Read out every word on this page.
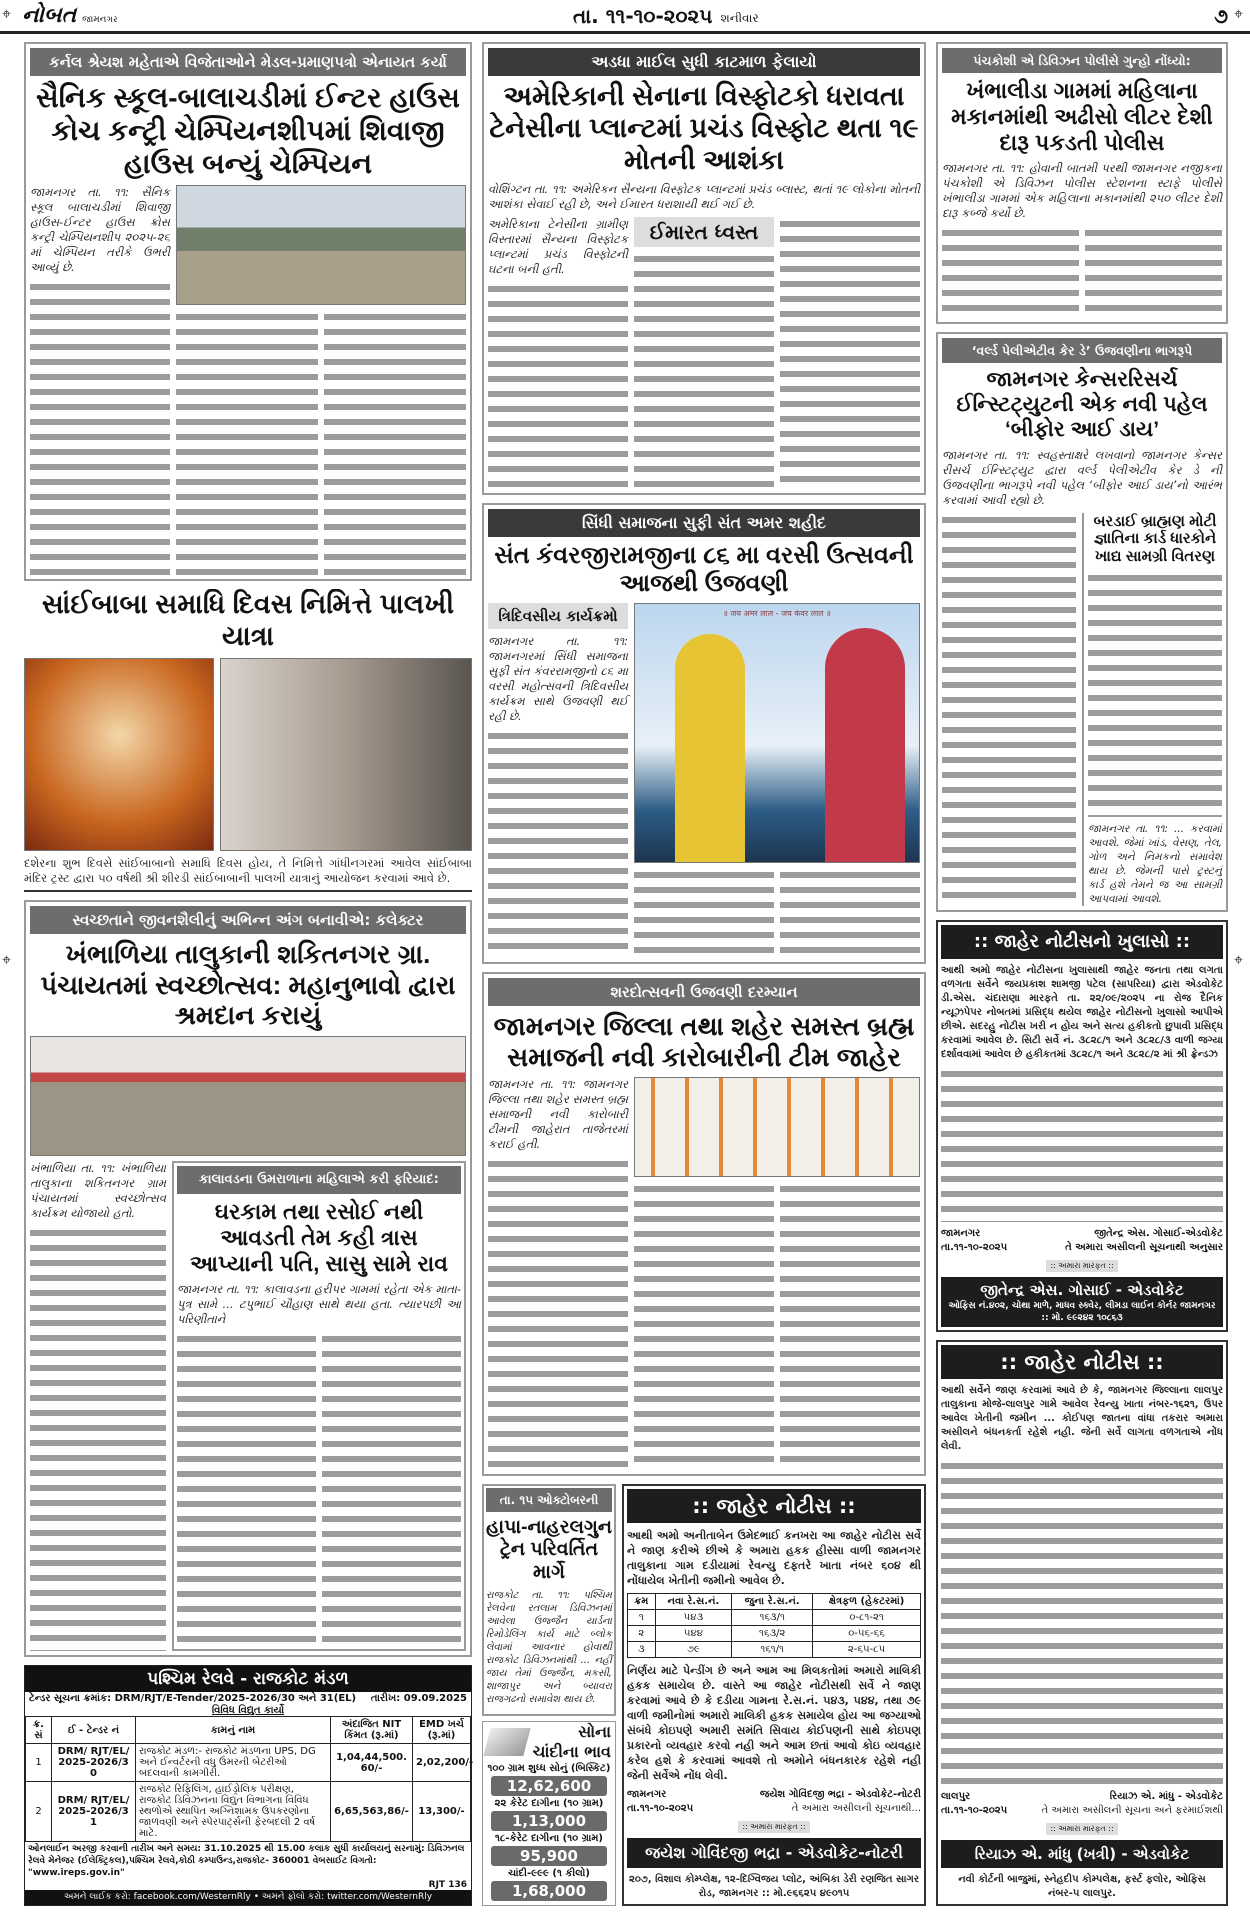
નોબત જામનગર	તા. ૧૧-૧૦-૨૦૨૫ શનીવાર	૭
⌖	⌖
કર્નલ શ્રેયશ મહેતાએ વિજેતાઓને મેડલ-પ્રમાણપત્રો એનાયત કર્યા
સૈનિક સ્કૂલ-બાલાચડીમાં ઈન્ટર હાઉસ કોચ કન્ટ્રી ચેમ્પિયનશીપમાં શિવાજી હાઉસ બન્યું ચેમ્પિયન
જામનગર તા. ૧૧: સૈનિક સ્કૂલ બાલાચડીમાં શિવાજી હાઉસ-ઈન્ટર હાઉસ ક્રોસ કન્ટ્રી ચેમ્પિયનશીપ ૨૦૨૫-૨૬ માં ચેમ્પિયન તરીકે ઉભરી આવ્યું છે.
સાંઈબાબા સમાધિ દિવસ નિમિત્તે પાલખી યાત્રા
દશેરના શુભ દિવસે સાંઈબાબાનો સમાધિ દિવસ હોય, તે નિમિત્તે ગાંધીનગરમાં આવેલ સાંઈબાબા મંદિર ટ્રસ્ટ દ્વારા ૫૦ વર્ષથી શ્રી શીરડી સાંઈબાબાની પાલખી યાત્રાનું આયોજન કરવામાં આવે છે.
સ્વચ્છતાને જીવનશૈલીનું અભિન્ન અંગ બનાવીએ: કલેક્ટર
ખંભાળિયા તાલુકાની શકિતનગર ગ્રા. પંચાયતમાં સ્વચ્છોત્સવ: મહાનુભાવો દ્વારા શ્રમદાન કરાયું
ખંભાળિયા તા. ૧૧: ખંભાળિયા તાલુકાના શકિતનગર ગ્રામ પંચાયતમાં સ્વચ્છોત્સવ કાર્યક્રમ યોજાયો હતો.
કાલાવડના ઉમરાળાના મહિલાએ કરી ફરિયાદ:
ઘરકામ તથા રસોઈ નથી આવડતી તેમ કહી ત્રાસ આપ્યાની પતિ, સાસુ સામે રાવ
જામનગર તા. ૧૧: કાલાવડના હરીપર ગામમાં રહેતા એક માતા-પુત્ર સામે ... ટપુભાઈ ચૌહાણ સાથે થયા હતા. ત્યારપછી આ પરિણીતાને
પશ્ચિમ રેલવે - રાજકોટ મંડળ
ટેન્ડર સૂચના ક્રમાંક: DRM/RJT/E-Tender/2025-2026/30 અને 31(EL) તારીખ: 09.09.2025
વિવિધ વિદ્યુત કાર્યો
ક્ર. સં	ઈ - ટેન્ડર નં	કામનું નામ	અંદાજિત NIT કિંમત (રૂ.માં)	EMD ખર્ચ (રૂ.માં)
1	DRM/ RJT/EL/ 2025-2026/30	રાજકોટ મંડળ:- રાજકોટ મંડળના UPS, DG અને ઈન્વર્ટરની વધુ ઉંમરની બેટરીઓ બદલવાની કામગીરી.	1,04,44,500.60/-	2,02,200/-
2	DRM/ RJT/EL/ 2025-2026/31	રાજકોટ રિફિલિંગ, હાઈડ્રોલિક પરીક્ષણ, રાજકોટ ડિવિઝનના વિદ્યુત વિભાગના વિવિધ સ્થળોએ સ્થાપિત અગ્નિશામક ઉપકરણોના જાળવણી અને સ્પેરપાર્ટ્સની ફેરબદલી 2 વર્ષ માટે.	6,65,563,86/-	13,300/-
ઓનલાઈન અરજી કરવાની તારીખ અને સમય: 31.10.2025 થી 15.00 કલાક સુધી કાર્યાલયનું સરનામું: ડિવિઝનલ રેલવે મેનેજર (ઈલેક્ટ્રિકલ),પશ્ચિમ રેલવે,કોઠી કમ્પાઉન્ડ,રાજકોટ- 360001 વેબસાઈટ વિગતો: "www.ireps.gov.in"
RJT 136
અમને લાઈક કરો: facebook.com/WesternRly • અમને ફોલો કરો: twitter.com/WesternRly
અડધા માઈલ સુધી કાટમાળ ફેલાયો
અમેરિકાની સેનાના વિસ્ફોટકો ધરાવતા ટેનેસીના પ્લાન્ટમાં પ્રચંડ વિસ્ફોટ થતા ૧૯ મોતની આશંકા
વોશિંગ્ટન તા. ૧૧: અમેરિકન સૈન્યના વિસ્ફોટક પ્લાન્ટમાં પ્રચંડ બ્લાસ્ટ, થતાં ૧૯ લોકોના મોતની આશંકા સેવાઈ રહી છે, અને ઈમારત ધરાશાયી થઈ ગઈ છે.
અમેરિકાના ટેનેસીના ગ્રામીણ વિસ્તારમાં સૈન્યના વિસ્ફોટક પ્લાન્ટમાં પ્રચંડ વિસ્ફોટની ઘટના બની હતી.
ઈમારત ધ્વસ્ત
સિંધી સમાજના સુફી સંત અમર શહીદ
સંત કંવરજીરામજીના ૮૬ મા વરસી ઉત્સવની આજથી ઉજવણી
ત્રિદિવસીય કાર્યક્રમો
જામનગર તા. ૧૧: જામનગરમાં સિંધી સમાજના સુફી સંત કંવરરામજીનો ૮૬ મા વરસી મહોત્સવની ત્રિદિવસીય કાર્યક્રમ સાથે ઉજવણી થઈ રહી છે.
॥ जय अमर लाल - जय कंवर लाल ॥
શરદોત્સવની ઉજવણી દરમ્યાન
જામનગર જિલ્લા તથા શહેર સમસ્ત બ્રહ્મ સમાજની નવી કારોબારીની ટીમ જાહેર
જામનગર તા. ૧૧: જામનગર જિલ્લા તથા શહેર સમસ્ત બ્રહ્મ સમાજની નવી કારોબારી ટીમની જાહેરાત તાજેતરમાં કરાઈ હતી.
તા. ૧૫ ઓક્ટોબરની
હાપા-નાહરલગુન ટ્રેન પરિવર્તિત માર્ગે
રાજકોટ તા. ૧૧: પશ્ચિમ રેલવેના રતલામ ડિવિઝનમાં આવેલા ઉજ્જૈન યાર્ડના રિમોડેલિંગ કાર્ય માટે બ્લોક લેવામાં આવનાર હોવાથી રાજકોટ ડિવિઝનમાંથી ... નહીં જાય તેમાં ઉજ્જૈન, મકસી, શાજાપુર અને બ્યાવરા રાજગઢનો સમાવેશ થાય છે.
સોના ચાંદીના ભાવ
૧૦૦ ગ્રામ શુધ્ધ સોનું (બિસ્કિટ)
12,62,600
૨૨ કેરેટ દાગીના (૧૦ ગ્રામ)
1,13,000
૧૮-કેરેટ દાગીના (૧૦ ગ્રામ)
95,900
ચાંદી-૯૯૯ (૧ કીલો)
1,68,000
:: જાહેર નોટીસ ::
આથી અમો અનીતાબેન ઉમેદભાઈ કનખરા આ જાહેર નોટીસ સર્વે ને જાણ કરીએ છીએ કે અમારા હકક હીસ્સા વાળી જામનગર તાલુકાના ગામ દડીયામાં રેવન્યુ દફતરે ખાતા નંબર ૬૦૪ થી નોંધાયેલ ખેતીની જમીનો આવેલ છે.
ક્રમ	નવા રે.સ.નં.	જુના રે.સ.નં.	ક્ષેત્રફળ (હેકટરમાં)
૧	૫૪૩	૧૬૩/૧	૦-૮૧-૨૧
૨	૫૪૪	૧૬૩/૨	૦-૫૬-૬૬
૩	૭૯	૧૬૧/૧	૨-૬૫-૮૫
નિર્ણય માટે પેન્ડીંગ છે અને આમ આ મિલકતોમાં અમારો માલિકી હકક સમાયેલ છે. વાસ્તે આ જાહેર નોટીસથી સર્વે ને જાણ કરવામાં આવે છે કે દડીયા ગામના રે.સ.નં. ૫૪૩, ૫૪૪, તથા ૭૯ વાળી જમીનોમાં અમારો માલિકી હકક સમાયેલ હોય આ જગ્યાઓ સંબંધે કોઇપણે અમારી સમંતિ સિવાય કોઈપણની સાથે કોઇપણ પ્રકારનો વ્યવહાર કરવો નહી અને આમ છતાં આવો કોઇ વ્યવહાર કરેલ હશે કે કરવામાં આવશે તો અમોને બંધનકારક રહેશે નહી જેની સર્વેએ નોંધ લેવી.
જામનગર
તા.૧૧-૧૦-૨૦૨૫
જયેશ ગોવિંદજી ભદ્રા - એડવોકેટ-નોટરી
તે અમારા અસીલની સૂચનાથી...
:: અમારા મારફત ::
જયેશ ગોવિંદજી ભદ્રા - એડવોકેટ-નોટરી
૨૦૭, વિશાલ કોમ્પ્લેક્ષ, ૧૨-દિગ્વિજય પ્લોટ, અંબિકા ડેરી રણજિત સાગર રોડ, જામનગર :: મો.૯૬૬૨૫ ૪૯૦૧૫
પંચકોશી એ ડિવિઝન પોલીસે ગુન્હો નોંધ્યો:
ખંભાલીડા ગામમાં મહિલાના મકાનમાંથી અઢીસો લીટર દેશી દારૂ પકડતી પોલીસ
જામનગર તા. ૧૧: હોવાની બાતમી પરથી જામનગર નજીકના પંચકોશી એ ડિવિઝન પોલીસ સ્ટેશનના સ્ટાફે પોલીસે ખંભાલીડા ગામમાં એક મહિલાના મકાનમાંથી ૨૫૦ લીટર દેશી દારૂ કબ્જે કર્યો છે.
‘વર્લ્ડ પેલીએટીવ કેર ડે’ ઉજવણીના ભાગરૂપે
જામનગર કેન્સરરિસર્ચ ઈન્સ્ટિટ્યુટની એક નવી પહેલ ‘બીફોર આઈ ડાય’
જામનગર તા. ૧૧: સ્વહસ્તાક્ષરે લખવાનો જામનગર કેન્સર રીસર્ચ ઈન્સ્ટિટ્યુટ દ્વારા વર્લ્ડ પેલીએટીવ કેર ડે ની ઉજવણીના ભાગરૂપે નવી પહેલ ‘બીફોર આઈ ડાય’નો આરંભ કરવામાં આવી રહ્યો છે.
બરડાઈ બ્રાહ્મણ મોટી જ્ઞાતિના કાર્ડ ધારકોને ખાદ્ય સામગ્રી વિતરણ
જામનગર તા. ૧૧: ... કરવામાં આવશે. જેમાં ખાંડ, વેસણ, તેલ, ગોળ અને નિમકનો સમાવેશ થાય છે. જેમની પાસે ટ્રસ્ટનું કાર્ડ હશે તેમને જ આ સામગ્રી આપવામાં આવશે.
:: જાહેર નોટીસનો ખુલાસો ::
આથી અમો જાહેર નોટીસના ખુલાસાથી જાહેર જનતા તથા લગતા વળગતા સર્વેને જયપ્રકાશ શામજી પટેલ (સાપરિયા) દ્વારા એડવોકેટ ડી.એસ. ચંદારાણા મારફતે તા. ૨૨/૦૯/૨૦૨૫ ના રોજ દૈનિક ન્યૂઝપેપર નોબતમાં પ્રસિદ્ધ થયેલ જાહેર નોટીસનો ખુલાસો આપીએ છીએ. સદરહુ નોટીસ ખરી ન હોય અને સત્ય હકીકતો છુપાવી પ્રસિદ્ધ કરવામાં આવેલ છે. સિટી સર્વે નં. ૩૮૨૮/૧ અને ૩૮૨૮/૩ વાળી જગ્યા દર્શાવવામાં આવેલ છે હકીકતમાં ૩૮૨૮/૧ અને ૩૮૨૮/૨ માં શ્રી ફ્રેન્ડઝ
જામનગર
તા.૧૧-૧૦-૨૦૨૫
જીતેન્દ્ર એસ. ગોસાઈ-એડવોકેટ
તે અમારા અસીલની સૂચનાથી અનુસાર
:: અમારા મારફત ::
જીતેન્દ્ર એસ. ગોસાઈ - એડવોકેટ
ઓફિસ નં.૪૦૨, ચોથા માળે, માધવ સ્ક્વેર, લીમડા લાઈન કોર્નર જામનગર :: મો. ૯૯૨૪૨ ૧૦૮૬૩
:: જાહેર નોટીસ ::
આથી સર્વેને જાણ કરવામાં આવે છે કે, જામનગર જિલ્લાના લાલપુર તાલુકાના મોજે-લાલપુર ગામે આવેલ રેવન્યુ ખાતા નંબર-૧૬૨૧, ઉપર આવેલ ખેતીની જમીન ... કોઈપણ જાતના વાંધા તકરાર અમારા અસીલને બંધનકર્તા રહેશે નહી. જેની સર્વે લાગતા વળગતાએ નોંધ લેવી.
લાલપુર
તા.૧૧-૧૦-૨૦૨૫
રિયાઝ એ. માંધુ - એડવોકેટ
તે અમારા અસીલની સૂચના અને ફરમાઈશથી
:: અમારા મારફત ::
રિયાઝ એ. માંધુ (ખત્રી) - એડવોકેટ
નવી કોર્ટની બાજુમાં, સ્નેહદીપ કોમ્પલેક્ષ, ફર્સ્ટ ફલોર, ઓફિસ નંબર-૫ લાલપુર.
⌖	⌖
